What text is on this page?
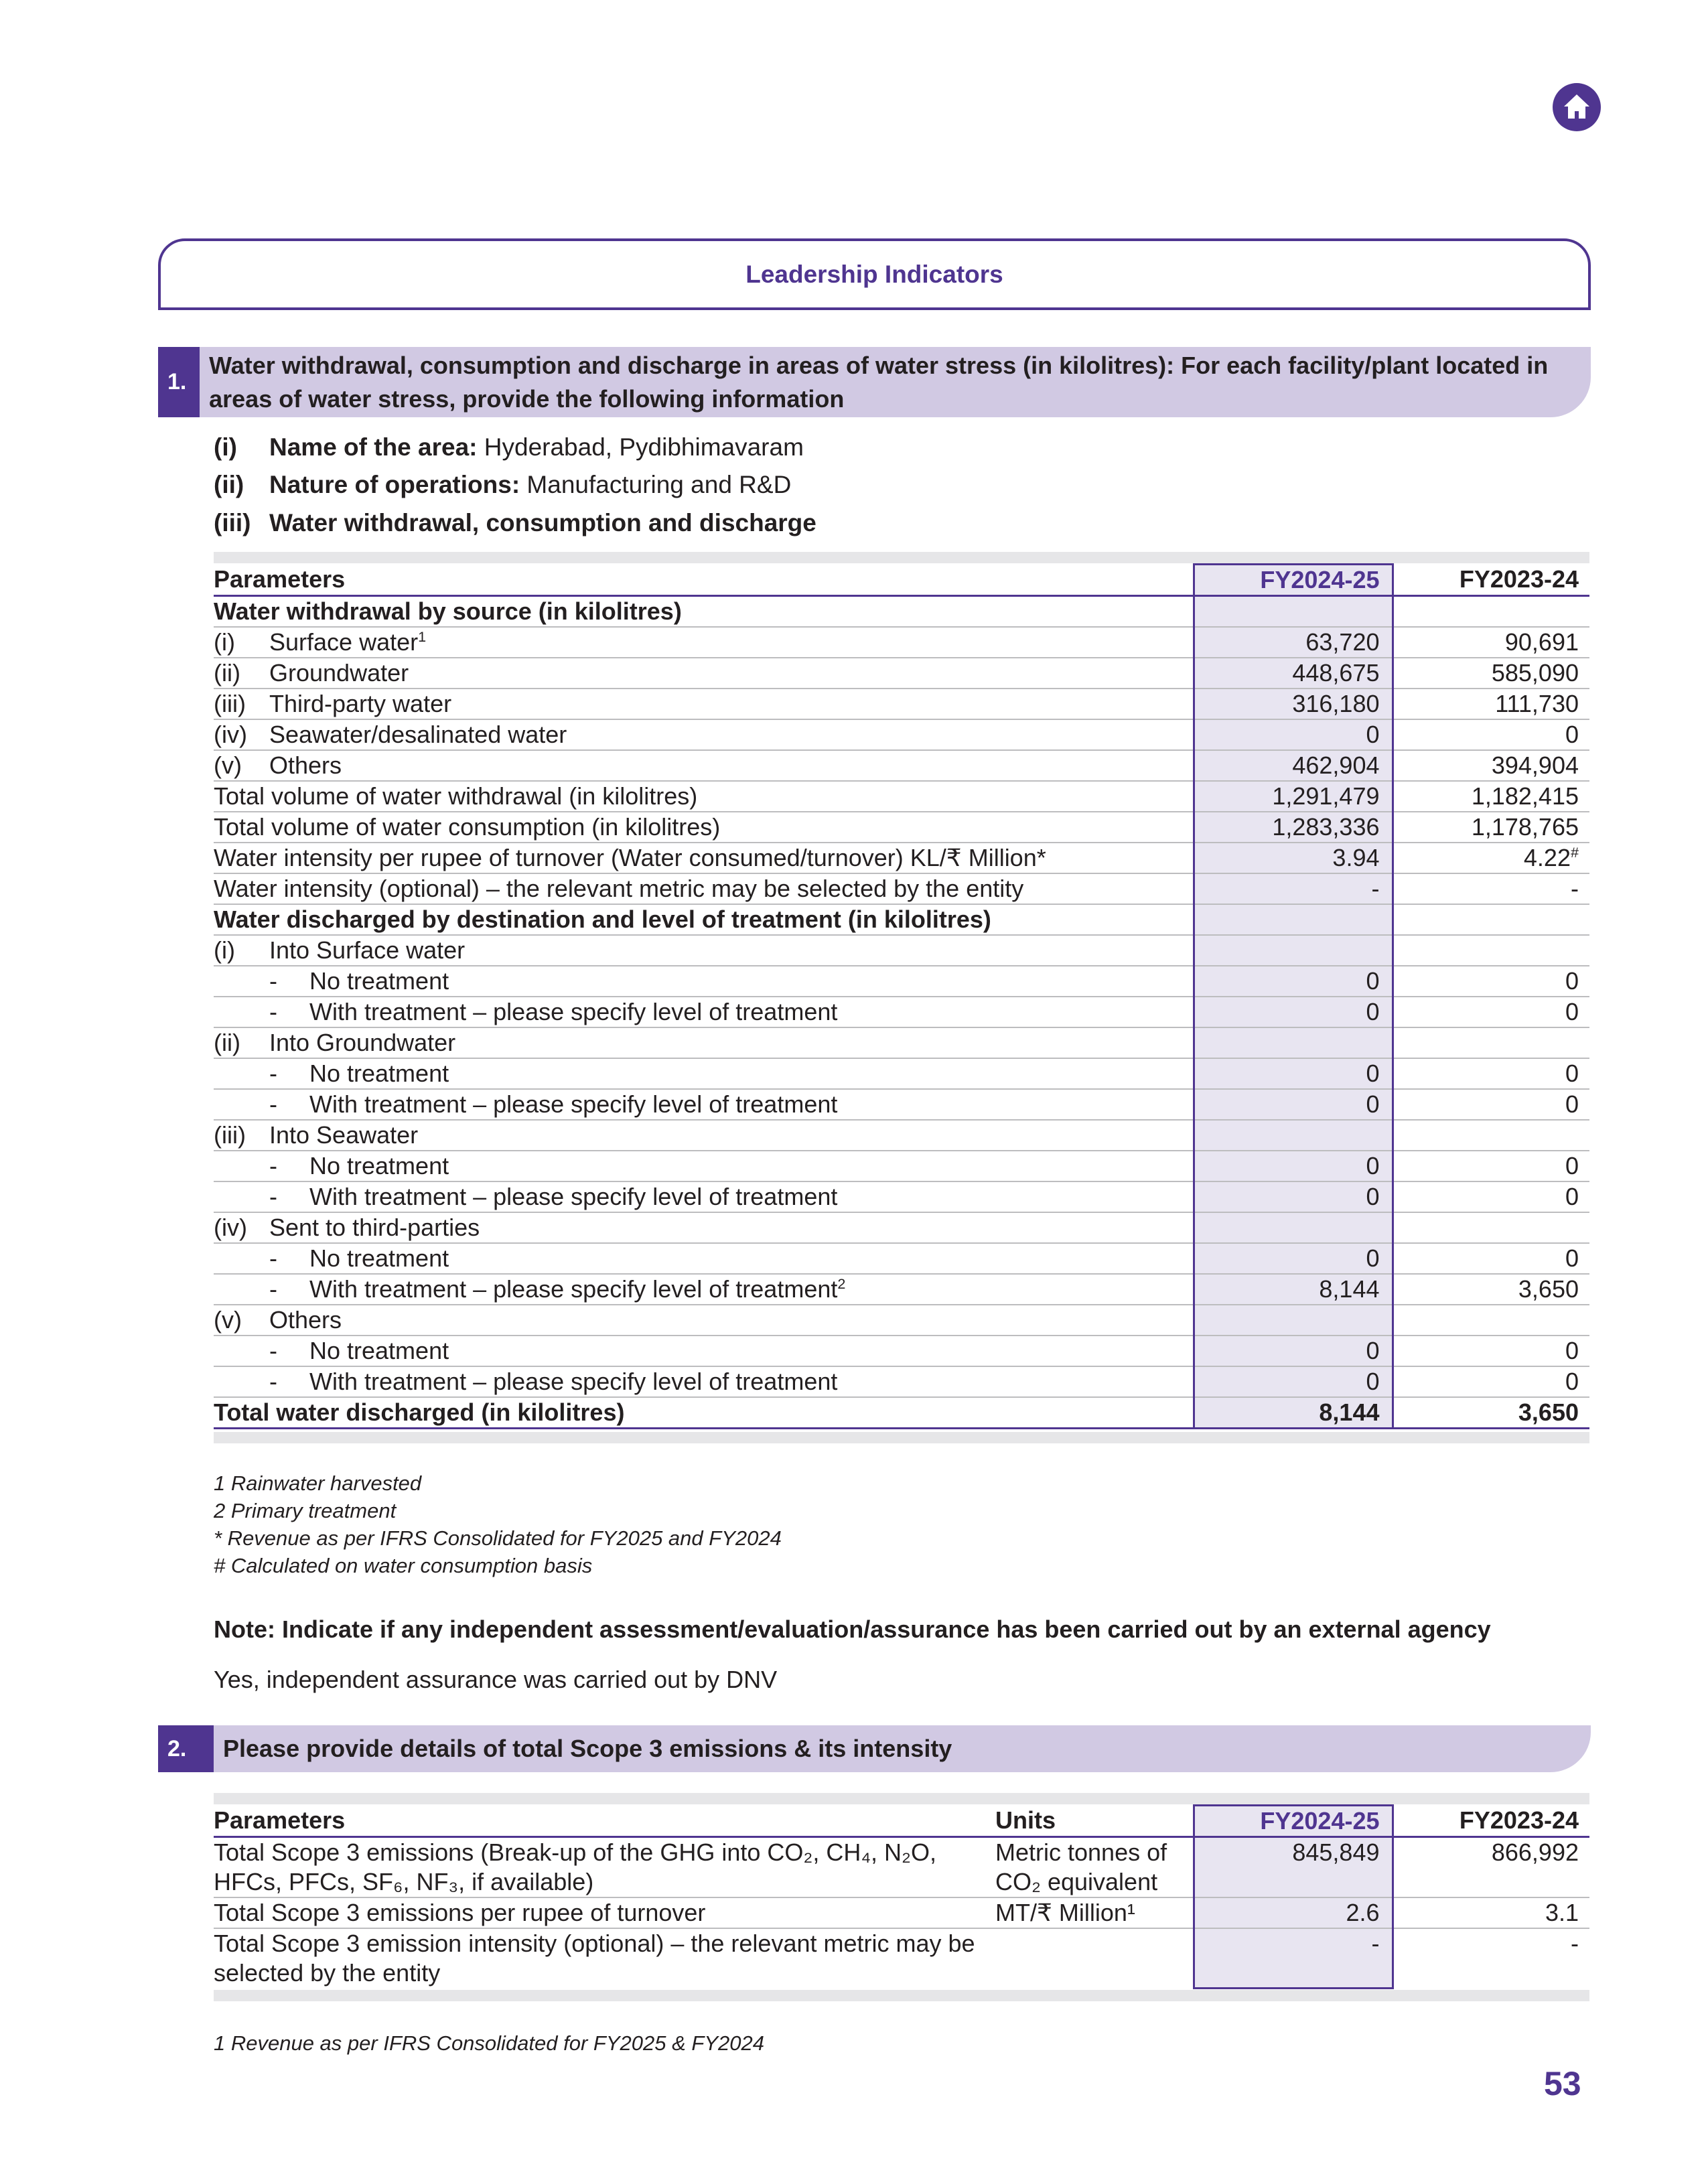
Leadership Indicators
1.
Water withdrawal, consumption and discharge in areas of water stress (in kilolitres): For each facility/plant located in areas of water stress, provide the following information
(i) Name of the area: Hyderabad, Pydibhimavaram
(ii) Nature of operations: Manufacturing and R&D
(iii) Water withdrawal, consumption and discharge
Parameters	FY2024-25	FY2023-24
Water withdrawal by source (in kilolitres)		
(i) Surface water$^1$	63,720	90,691
(ii) Groundwater	448,675	585,090
(iii) Third-party water	316,180	111,730
(iv) Seawater/desalinated water	0	0
(v) Others	462,904	394,904
Total volume of water withdrawal (in kilolitres)	1,291,479	1,182,415
Total volume of water consumption (in kilolitres)	1,283,336	1,178,765
Water intensity per rupee of turnover (Water consumed/turnover) KL/₹ Million*	3.94	4.22#
Water intensity (optional) – the relevant metric may be selected by the entity	-	-
Water discharged by destination and level of treatment (in kilolitres)		
(i) Into Surface water		
- No treatment	0	0
- With treatment – please specify level of treatment	0	0
(ii) Into Groundwater		
- No treatment	0	0
- With treatment – please specify level of treatment	0	0
(iii) Into Seawater		
- No treatment	0	0
- With treatment – please specify level of treatment	0	0
(iv) Sent to third-parties		
- No treatment	0	0
- With treatment – please specify level of treatment$^2$	8,144	3,650
(v) Others		
- No treatment	0	0
- With treatment – please specify level of treatment	0	0
Total water discharged (in kilolitres)	8,144	3,650
1 Rainwater harvested
2 Primary treatment
* Revenue as per IFRS Consolidated for FY2025 and FY2024
# Calculated on water consumption basis
Note: Indicate if any independent assessment/evaluation/assurance has been carried out by an external agency
Yes, independent assurance was carried out by DNV
2.	Please provide details of total Scope 3 emissions & its intensity
Parameters	Units	FY2024-25	FY2023-24
Total Scope 3 emissions (Break-up of the GHG into CO₂, CH₄, N₂O, HFCs, PFCs, SF₆, NF₃, if available)	Metric tonnes of CO₂ equivalent	845,849	866,992
Total Scope 3 emissions per rupee of turnover	MT/₹ Million¹	2.6	3.1
Total Scope 3 emission intensity (optional) – the relevant metric may be selected by the entity		-	-
1 Revenue as per IFRS Consolidated for FY2025 & FY2024
53
